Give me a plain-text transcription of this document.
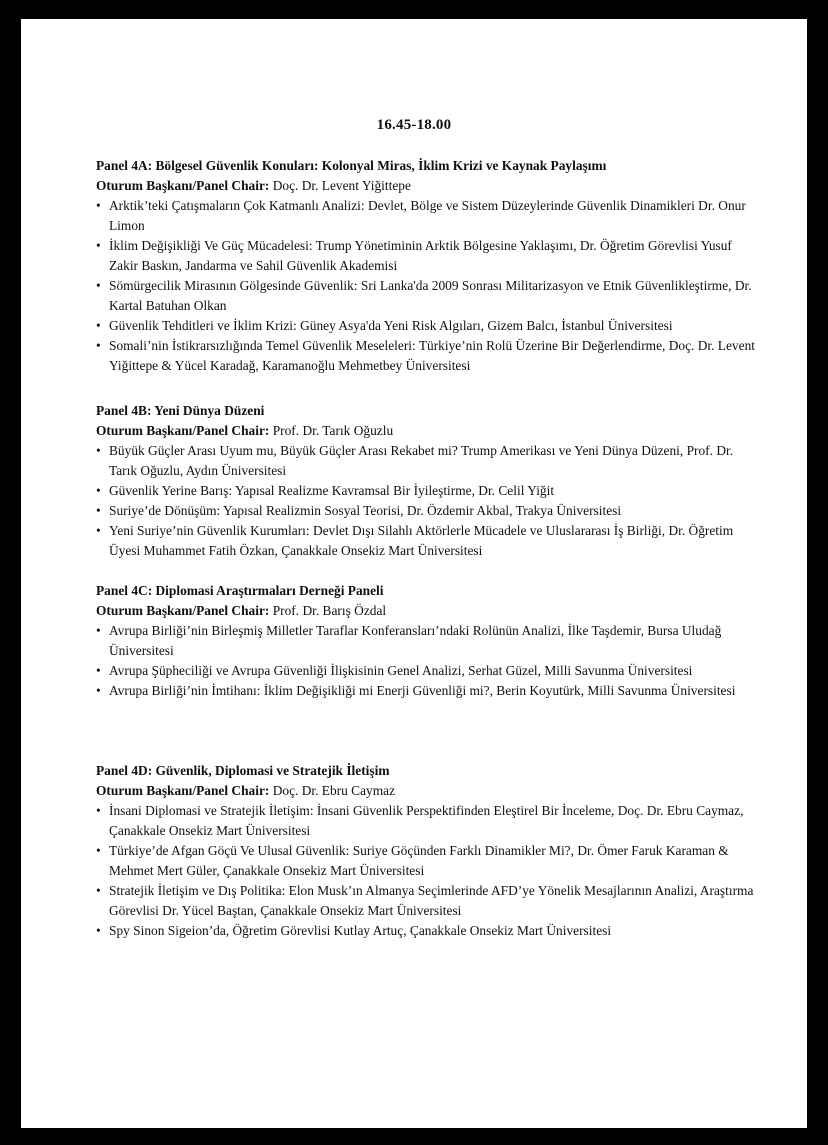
16.45-18.00
Panel 4A: Bölgesel Güvenlik Konuları: Kolonyal Miras, İklim Krizi ve Kaynak Paylaşımı
Oturum Başkanı/Panel Chair: Doç. Dr. Levent Yiğittepe
• Arktik’teki Çatışmaların Çok Katmanlı Analizi: Devlet, Bölge ve Sistem Düzeylerinde Güvenlik Dinamikleri Dr. Onur Limon
• İklim Değişikliği Ve Güç Mücadelesi: Trump Yönetiminin Arktik Bölgesine Yaklaşımı, Dr. Öğretim Görevlisi Yusuf Zakir Baskın, Jandarma ve Sahil Güvenlik Akademisi
• Sömürgecilik Mirasının Gölgesinde Güvenlik: Sri Lanka'da 2009 Sonrası Militarizasyon ve Etnik Güvenlikleştirme, Dr. Kartal Batuhan Olkan
• Güvenlik Tehditleri ve İklim Krizi: Güney Asya'da Yeni Risk Algıları, Gizem Balcı, İstanbul Üniversitesi
• Somali’nin İstikrarsızlığında Temel Güvenlik Meseleleri: Türkiye’nin Rolü Üzerine Bir Değerlendirme, Doç. Dr. Levent Yiğittepe & Yücel Karadağ, Karamanoğlu Mehmetbey Üniversitesi
Panel 4B: Yeni Dünya Düzeni
Oturum Başkanı/Panel Chair: Prof. Dr. Tarık Oğuzlu
• Büyük Güçler Arası Uyum mu, Büyük Güçler Arası Rekabet mi? Trump Amerikası ve Yeni Dünya Düzeni, Prof. Dr. Tarık Oğuzlu, Aydın Üniversitesi
• Güvenlik Yerine Barış: Yapısal Realizme Kavramsal Bir İyileştirme, Dr. Celil Yiğit
• Suriye’de Dönüşüm: Yapısal Realizmin Sosyal Teorisi, Dr. Özdemir Akbal, Trakya Üniversitesi
• Yeni Suriye’nin Güvenlik Kurumları: Devlet Dışı Silahlı Aktörlerle Mücadele ve Uluslararası İş Birliği, Dr. Öğretim Üyesi Muhammet Fatih Özkan, Çanakkale Onsekiz Mart Üniversitesi
Panel 4C: Diplomasi Araştırmaları Derneği Paneli
Oturum Başkanı/Panel Chair: Prof. Dr. Barış Özdal
• Avrupa Birliği’nin Birleşmiş Milletler Taraflar Konferansları’ndaki Rolünün Analizi, İlke Taşdemir, Bursa Uludağ Üniversitesi
• Avrupa Şüpheciliği ve Avrupa Güvenliği İlişkisinin Genel Analizi, Serhat Güzel, Milli Savunma Üniversitesi
• Avrupa Birliği’nin İmtihanı: İklim Değişikliği mi Enerji Güvenliği mi?, Berin Koyutürk, Milli Savunma Üniversitesi
Panel 4D: Güvenlik, Diplomasi ve Stratejik İletişim
Oturum Başkanı/Panel Chair: Doç. Dr. Ebru Caymaz
• İnsani Diplomasi ve Stratejik İletişim: İnsani Güvenlik Perspektifinden Eleştirel Bir İnceleme, Doç. Dr. Ebru Caymaz, Çanakkale Onsekiz Mart Üniversitesi
• Türkiye’de Afgan Göçü Ve Ulusal Güvenlik: Suriye Göçünden Farklı Dinamikler Mi?, Dr. Ömer Faruk Karaman & Mehmet Mert Güler, Çanakkale Onsekiz Mart Üniversitesi
• Stratejik İletişim ve Dış Politika: Elon Musk’ın Almanya Seçimlerinde AFD’ye Yönelik Mesajlarının Analizi, Araştırma Görevlisi Dr. Yücel Baştan, Çanakkale Onsekiz Mart Üniversitesi
• Spy Sinon Sigeion’da, Öğretim Görevlisi Kutlay Artuç, Çanakkale Onsekiz Mart Üniversitesi
